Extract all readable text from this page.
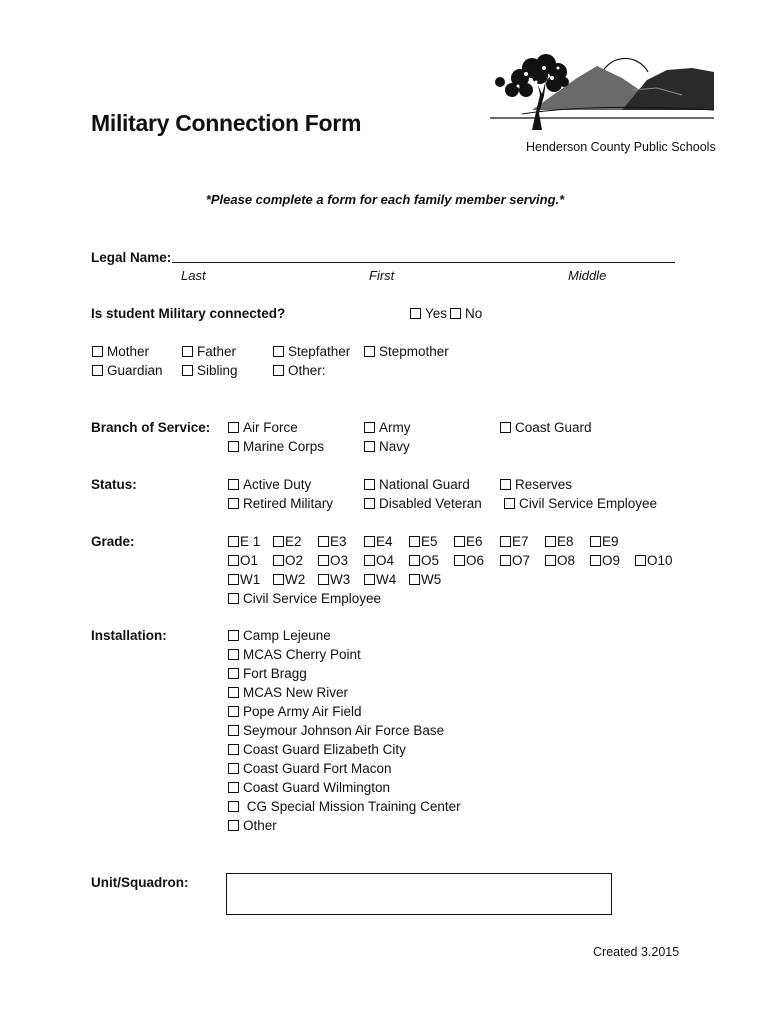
Military Connection Form
Henderson County Public Schools
*Please complete a form for each family member serving.*
Legal Name:
Last	First	Middle
Is student Military connected?	Yes No
Mother	Father	Stepfather Stepmother
Guardian	Sibling	Other:
Branch of Service: Air Force	Army	Coast Guard
Marine Corps	Navy
Status:	Active Duty	National Guard	Reserves
Retired Military	Disabled Veteran	Civil Service Employee
Grade:	E 1 E2 E3 E4 E5 E6 E7 E8 E9
O1 O2 O3 O4 O5 O6 O7 O8 O9 O10
W1 W2 W3 W4 W5
Civil Service Employee
Installation:	Camp Lejeune
MCAS Cherry Point
Fort Bragg
MCAS New River
Pope Army Air Field
Seymour Johnson Air Force Base
Coast Guard Elizabeth City
Coast Guard Fort Macon
Coast Guard Wilmington
CG Special Mission Training Center
Other
Unit/Squadron:
Created 3.2015
